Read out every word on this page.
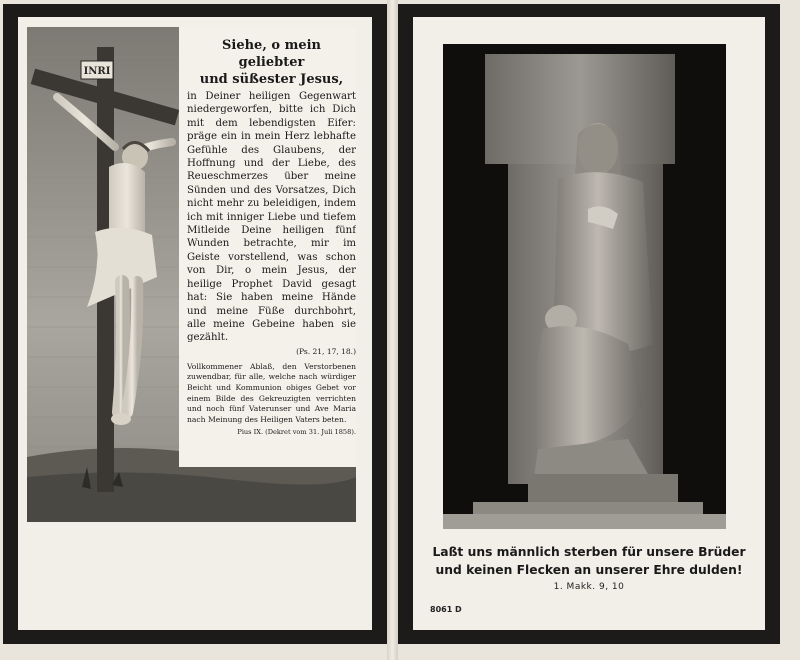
INRI

Siehe, o mein geliebter
und süßester Jesus,

in Deiner heiligen Gegenwart niedergeworfen, bitte ich Dich mit dem lebendigsten Eifer: präge ein in mein Herz lebhafte Gefühle des Glaubens, der Hoffnung und der Liebe, des Reueschmerzes über meine Sünden und des Vorsatzes, Dich nicht mehr zu beleidigen, indem ich mit inniger Liebe und tiefem Mitleide Deine heiligen fünf Wunden betrachte, mir im Geiste vorstellend, was schon von Dir, o mein Jesus, der heilige Prophet David gesagt hat: Sie haben meine Hände und meine Füße durchbohrt, alle meine Gebeine haben sie gezählt.

(Ps. 21, 17, 18.)

Vollkommener Ablaß, den Verstorbenen zuwendbar, für alle, welche nach würdiger Beicht und Kommunion obiges Gebet vor einem Bilde des Gekreuzigten verrichten und noch fünf Vaterunser und Ave Maria nach Meinung des Heiligen Vaters beten.

Pius IX. (Dekret vom 31. Juli 1858).

Laßt uns männlich sterben für unsere Brüder
und keinen Flecken an unserer Ehre dulden!

1. Makk. 9, 10
8061 D
